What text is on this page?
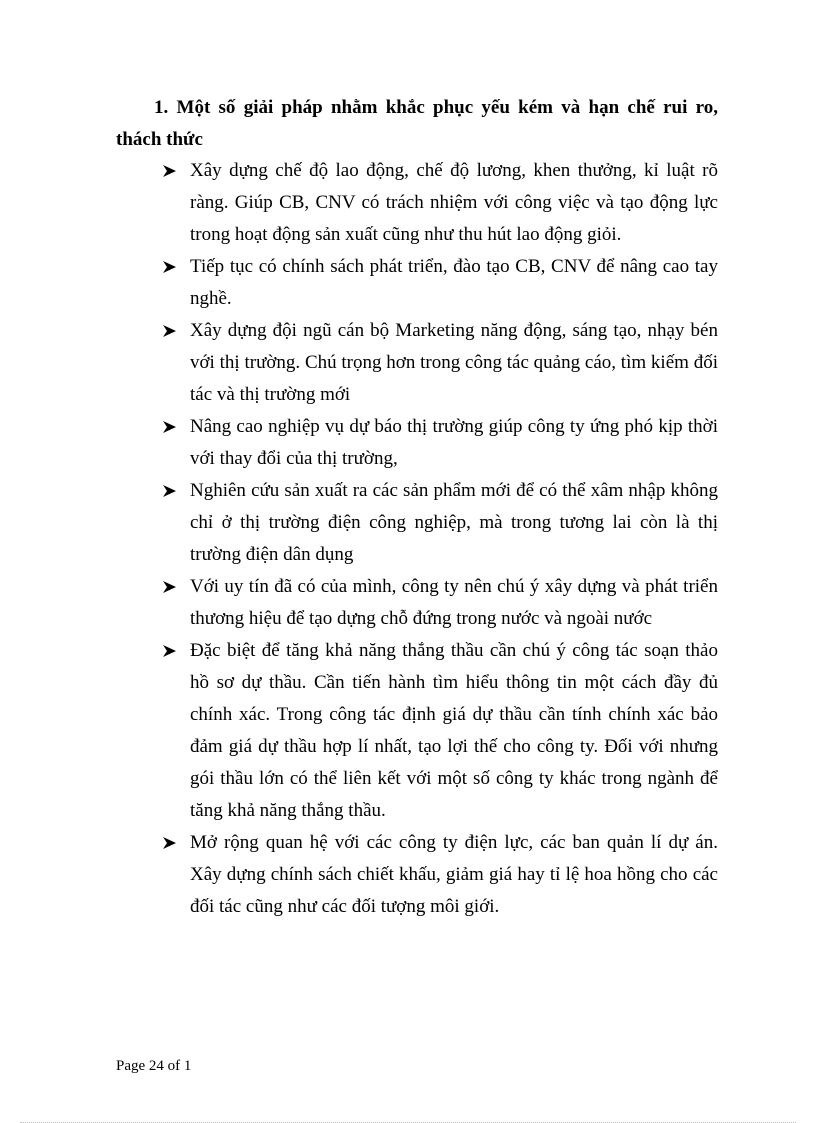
1. Một số giải pháp nhằm khắc phục yếu kém và hạn chế rui ro, thách thức

Xây dựng chế độ lao động, chế độ lương, khen thưởng, kỉ luật rõ ràng. Giúp CB, CNV có trách nhiệm với công việc và tạo động lực trong hoạt động sản xuất cũng như thu hút lao động giỏi.
Tiếp tục có chính sách phát triển, đào tạo CB, CNV để nâng cao tay nghề.
Xây dựng đội ngũ cán bộ Marketing năng động, sáng tạo, nhạy bén với thị trường. Chú trọng hơn trong công tác quảng cáo, tìm kiếm đối tác và thị trường mới
Nâng cao nghiệp vụ dự báo thị trường giúp công ty ứng phó kịp thời với thay đổi của thị trường,
Nghiên cứu sản xuất ra các sản phẩm mới để có thể xâm nhập không chỉ ở thị trường điện công nghiệp, mà trong tương lai còn là thị trường điện dân dụng
Với uy tín đã có của mình, công ty nên chú ý xây dựng và phát triển thương hiệu để tạo dựng chỗ đứng trong nước và ngoài nước
Đặc biệt để tăng khả năng thắng thầu cần chú ý công tác soạn thảo hồ sơ dự thầu. Cần tiến hành tìm hiểu thông tin một cách đầy đủ chính xác. Trong công tác định giá dự thầu cần tính chính xác bảo đảm giá dự thầu hợp lí nhất, tạo lợi thế cho công ty. Đối với nhưng gói thầu lớn có thể liên kết với một số công ty khác trong ngành để tăng khả năng thắng thầu.
Mở rộng quan hệ với các công ty điện lực, các ban quản lí dự án. Xây dựng chính sách chiết khấu, giảm giá hay tỉ lệ hoa hồng cho các đối tác cũng như các đối tượng môi giới.
Page 24 of 1
